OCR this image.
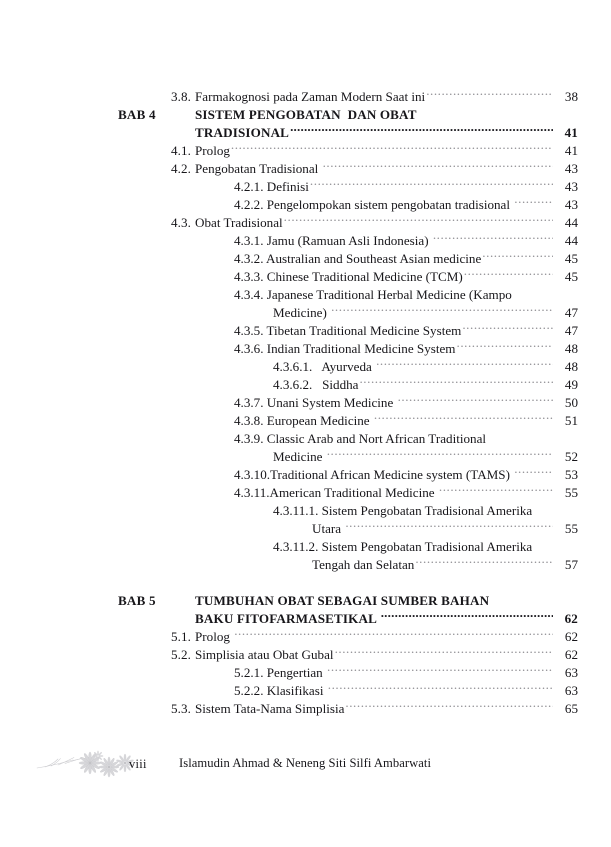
3.8. Farmakognosi pada Zaman Modern Saat ini .....	38
BAB 4	SISTEM PENGOBATAN  DAN OBAT
TRADISIONAL .....	41
4.1. Prolog .....	41
4.2. Pengobatan Tradisional .....	43
4.2.1. Definisi .....	43
4.2.2. Pengelompokan sistem pengobatan tradisional .....	43
4.3. Obat Tradisional .....	44
4.3.1. Jamu (Ramuan Asli Indonesia) .....	44
4.3.2. Australian and Southeast Asian medicine .....	45
4.3.3. Chinese Traditional Medicine (TCM) .....	45
4.3.4. Japanese Traditional Herbal Medicine (Kampo
Medicine) .....	47
4.3.5. Tibetan Traditional Medicine System .....	47
4.3.6. Indian Traditional Medicine System .....	48
4.3.6.1.   Ayurveda .....	48
4.3.6.2.   Siddha .....	49
4.3.7. Unani System Medicine .....	50
4.3.8. European Medicine .....	51
4.3.9. Classic Arab and Nort African Traditional
Medicine .....	52
4.3.10.Traditional African Medicine system (TAMS) .....	53
4.3.11.American Traditional Medicine .....	55
4.3.11.1. Sistem Pengobatan Tradisional Amerika
Utara .....	55
4.3.11.2. Sistem Pengobatan Tradisional Amerika
Tengah dan Selatan .....	57

BAB 5	TUMBUHAN OBAT SEBAGAI SUMBER BAHAN
BAKU FITOFARMASETIKAL .....	62
5.1. Prolog .....	62
5.2. Simplisia atau Obat Gubal .....	62
5.2.1. Pengertian .....	63
5.2.2. Klasifikasi .....	63
5.3. Sistem Tata-Nama Simplisia .....	65
viii	Islamudin Ahmad & Neneng Siti Silfi Ambarwati
